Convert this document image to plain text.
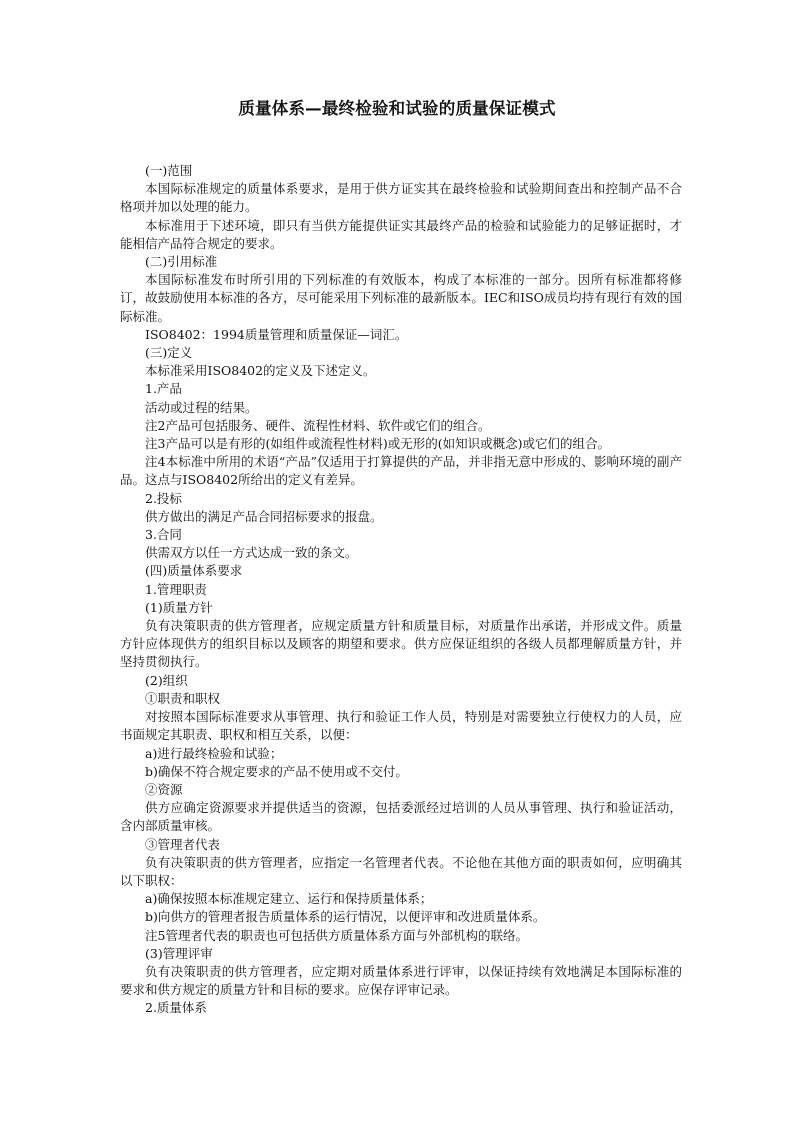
质量体系—最终检验和试验的质量保证模式

(一)范围

本国际标准规定的质量体系要求，是用于供方证实其在最终检验和试验期间查出和控制产品不合格项并加以处理的能力。

本标准用于下述环境，即只有当供方能提供证实其最终产品的检验和试验能力的足够证据时，才能相信产品符合规定的要求。

(二)引用标准

本国际标准发布时所引用的下列标准的有效版本，构成了本标准的一部分。因所有标准都将修订，故鼓励使用本标准的各方，尽可能采用下列标准的最新版本。IEC和ISO成员均持有现行有效的国际标准。

ISO8402：1994质量管理和质量保证—词汇。

(三)定义

本标准采用ISO8402的定义及下述定义。

1.产品

活动或过程的结果。

注2产品可包括服务、硬件、流程性材料、软件或它们的组合。

注3产品可以是有形的(如组件或流程性材料)或无形的(如知识或概念)或它们的组合。

注4本标准中所用的术语“产品”仅适用于打算提供的产品，并非指无意中形成的、影响环境的副产品。这点与ISO8402所给出的定义有差异。

2.投标

供方做出的满足产品合同招标要求的报盘。

3.合同

供需双方以任一方式达成一致的条文。

(四)质量体系要求

1.管理职责

(1)质量方针

负有决策职责的供方管理者，应规定质量方针和质量目标，对质量作出承诺，并形成文件。质量方针应体现供方的组织目标以及顾客的期望和要求。供方应保证组织的各级人员都理解质量方针，并坚持贯彻执行。

(2)组织

①职责和职权

对按照本国际标准要求从事管理、执行和验证工作人员，特别是对需要独立行使权力的人员，应书面规定其职责、职权和相互关系，以便：

a)进行最终检验和试验；

b)确保不符合规定要求的产品不使用或不交付。

②资源

供方应确定资源要求并提供适当的资源，包括委派经过培训的人员从事管理、执行和验证活动，含内部质量审核。

③管理者代表

负有决策职责的供方管理者，应指定一名管理者代表。不论他在其他方面的职责如何，应明确其以下职权：

a)确保按照本标准规定建立、运行和保持质量体系；

b)向供方的管理者报告质量体系的运行情况，以便评审和改进质量体系。

注5管理者代表的职责也可包括供方质量体系方面与外部机构的联络。

(3)管理评审

负有决策职责的供方管理者，应定期对质量体系进行评审，以保证持续有效地满足本国际标准的要求和供方规定的质量方针和目标的要求。应保存评审记录。

2.质量体系
